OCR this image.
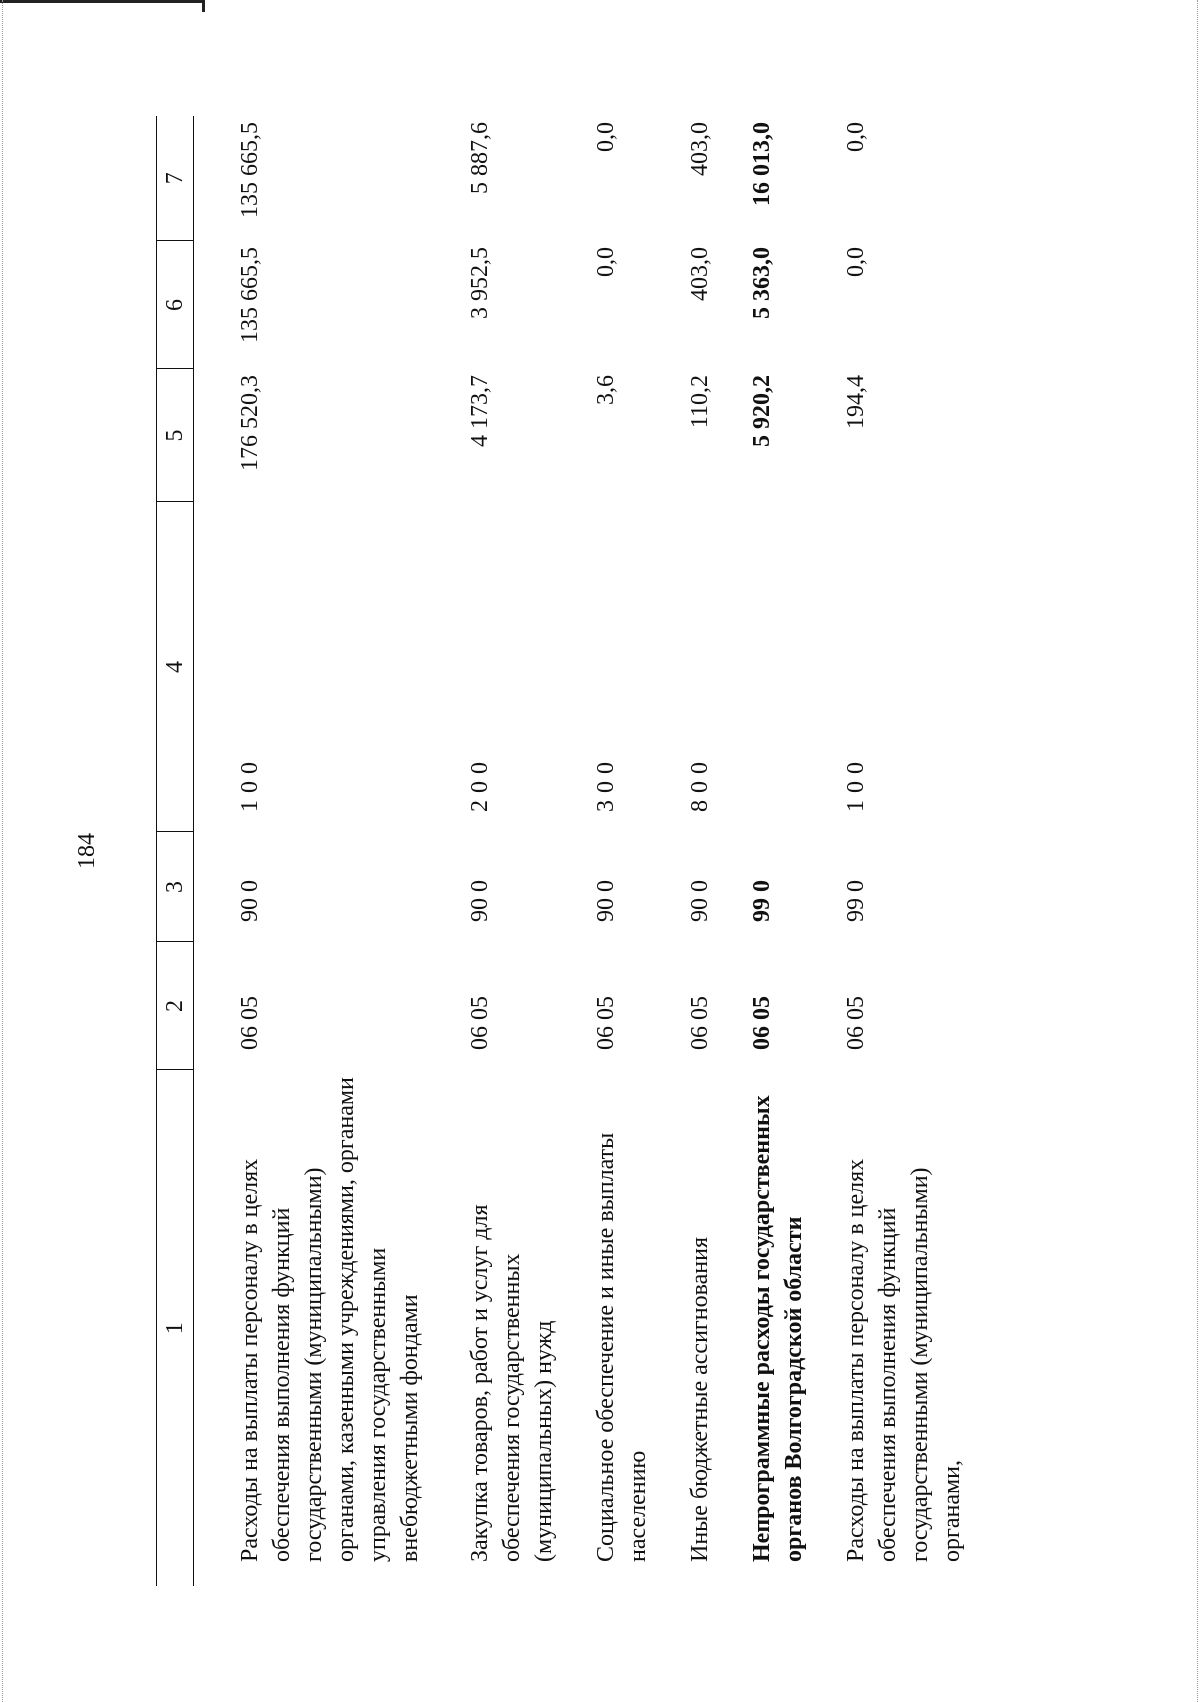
184
1	2	3	4	5	6	7
Расходы на выплаты персоналу в целях обеспечения выполнения функций государственными (муниципальными) органами, казенными учреждениями, органами управления государственными внебюджетными фондами	06 05	90 0	100	176 520,3	135 665,5	135 665,5
Закупка товаров, работ и услуг для обеспечения государственных (муниципальных) нужд	06 05	90 0	200	4 173,7	3 952,5	5 887,6
Социальное обеспечение и иные выплаты населению	06 05	90 0	300	3,6	0,0	0,0
Иные бюджетные ассигнования	06 05	90 0	800	110,2	403,0	403,0
Непрограммные расходы государственных органов Волгоградской области	06 05	99 0		5 920,2	5 363,0	16 013,0
Расходы на выплаты персоналу в целях обеспечения выполнения функций государственными (муниципальными) органами,	06 05	99 0	100	194,4	0,0	0,0
